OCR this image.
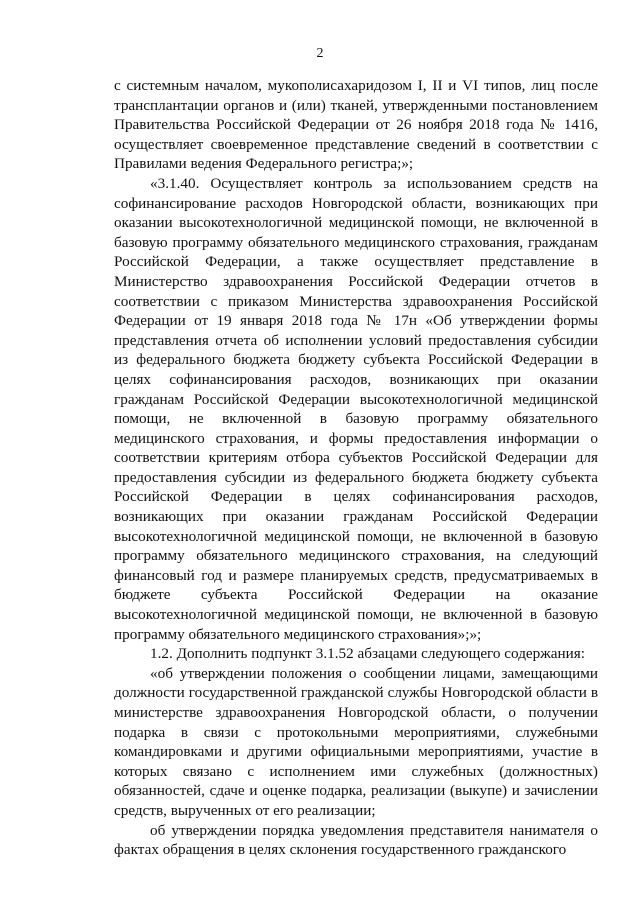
2

с системным началом, мукополисахаридозом I, II и VI типов, лиц после трансплантации органов и (или) тканей, утвержденными постановлением Правительства Российской Федерации от 26 ноября 2018 года № 1416, осуществляет своевременное представление сведений в соответствии с Правилами ведения Федерального регистра;»;

«3.1.40. Осуществляет контроль за использованием средств на софинансирование расходов Новгородской области, возникающих при оказании высокотехнологичной медицинской помощи, не включенной в базовую программу обязательного медицинского страхования, гражданам Российской Федерации, а также осуществляет представление в Министерство здравоохранения Российской Федерации отчетов в соответствии с приказом Министерства здравоохранения Российской Федерации от 19 января 2018 года № 17н «Об утверждении формы представления отчета об исполнении условий предоставления субсидии из федерального бюджета бюджету субъекта Российской Федерации в целях софинансирования расходов, возникающих при оказании гражданам Российской Федерации высокотехнологичной медицинской помощи, не включенной в базовую программу обязательного медицинского страхования, и формы предоставления информации о соответствии критериям отбора субъектов Российской Федерации для предоставления субсидии из федерального бюджета бюджету субъекта Российской Федерации в целях софинансирования расходов, возникающих при оказании гражданам Российской Федерации высокотехнологичной медицинской помощи, не включенной в базовую программу обязательного медицинского страхования, на следующий финансовый год и размере планируемых средств, предусматриваемых в бюджете субъекта Российской Федерации на оказание высокотехнологичной медицинской помощи, не включенной в базовую программу обязательного медицинского страхования»;»;

1.2. Дополнить подпункт 3.1.52 абзацами следующего содержания:

«об утверждении положения о сообщении лицами, замещающими должности государственной гражданской службы Новгородской области в министерстве здравоохранения Новгородской области, о получении подарка в связи с протокольными мероприятиями, служебными командировками и другими официальными мероприятиями, участие в которых связано с исполнением ими служебных (должностных) обязанностей, сдаче и оценке подарка, реализации (выкупе) и зачислении средств, вырученных от его реализации;

об утверждении порядка уведомления представителя нанимателя о фактах обращения в целях склонения государственного гражданского
